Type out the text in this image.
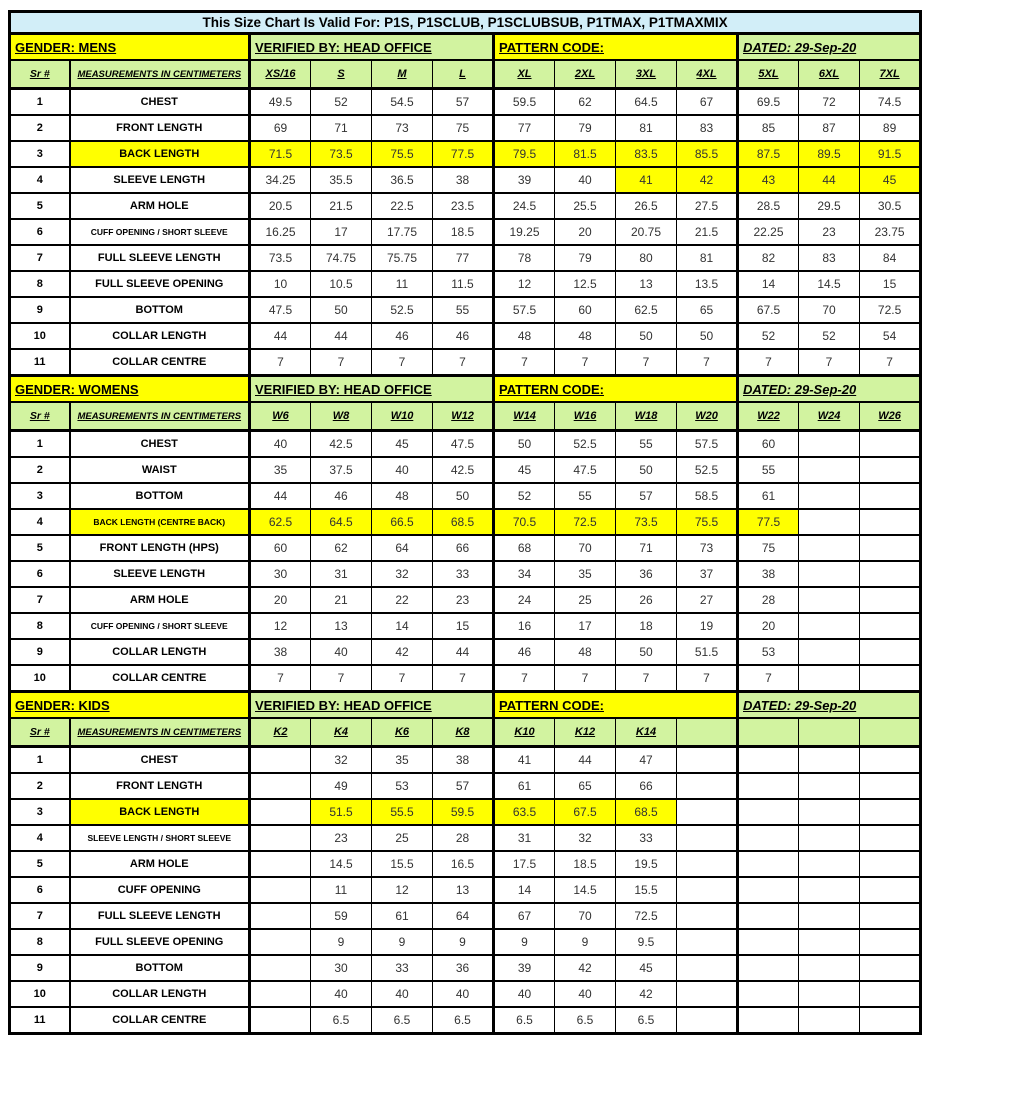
This Size Chart Is Valid For: P1S, P1SCLUB, P1SCLUBSUB, P1TMAX, P1TMAXMIX												
GENDER: MENS		VERIFIED BY: HEAD OFFICE				PATTERN CODE:				DATED: 29-Sep-20		
Sr #	MEASUREMENTS IN CENTIMETERS	XS/16	S	M	L	XL	2XL	3XL	4XL	5XL	6XL	7XL
1	CHEST	49.5	52	54.5	57	59.5	62	64.5	67	69.5	72	74.5
2	FRONT LENGTH	69	71	73	75	77	79	81	83	85	87	89
3	BACK LENGTH	71.5	73.5	75.5	77.5	79.5	81.5	83.5	85.5	87.5	89.5	91.5
4	SLEEVE LENGTH	34.25	35.5	36.5	38	39	40	41	42	43	44	45
5	ARM HOLE	20.5	21.5	22.5	23.5	24.5	25.5	26.5	27.5	28.5	29.5	30.5
6	CUFF OPENING / SHORT SLEEVE	16.25	17	17.75	18.5	19.25	20	20.75	21.5	22.25	23	23.75
7	FULL SLEEVE LENGTH	73.5	74.75	75.75	77	78	79	80	81	82	83	84
8	FULL SLEEVE OPENING	10	10.5	11	11.5	12	12.5	13	13.5	14	14.5	15
9	BOTTOM	47.5	50	52.5	55	57.5	60	62.5	65	67.5	70	72.5
10	COLLAR LENGTH	44	44	46	46	48	48	50	50	52	52	54
11	COLLAR CENTRE	7	7	7	7	7	7	7	7	7	7	7
GENDER: WOMENS		VERIFIED BY: HEAD OFFICE				PATTERN CODE:				DATED: 29-Sep-20		
Sr #	MEASUREMENTS IN CENTIMETERS	W6	W8	W10	W12	W14	W16	W18	W20	W22	W24	W26
1	CHEST	40	42.5	45	47.5	50	52.5	55	57.5	60		
2	WAIST	35	37.5	40	42.5	45	47.5	50	52.5	55		
3	BOTTOM	44	46	48	50	52	55	57	58.5	61		
4	BACK LENGTH (CENTRE BACK)	62.5	64.5	66.5	68.5	70.5	72.5	73.5	75.5	77.5		
5	FRONT LENGTH (HPS)	60	62	64	66	68	70	71	73	75		
6	SLEEVE LENGTH	30	31	32	33	34	35	36	37	38		
7	ARM HOLE	20	21	22	23	24	25	26	27	28		
8	CUFF OPENING / SHORT SLEEVE	12	13	14	15	16	17	18	19	20		
9	COLLAR LENGTH	38	40	42	44	46	48	50	51.5	53		
10	COLLAR CENTRE	7	7	7	7	7	7	7	7	7		
GENDER: KIDS		VERIFIED BY: HEAD OFFICE				PATTERN CODE:				DATED: 29-Sep-20		
Sr #	MEASUREMENTS IN CENTIMETERS	K2	K4	K6	K8	K10	K12	K14				
1	CHEST		32	35	38	41	44	47				
2	FRONT LENGTH		49	53	57	61	65	66				
3	BACK LENGTH		51.5	55.5	59.5	63.5	67.5	68.5				
4	SLEEVE LENGTH / SHORT SLEEVE		23	25	28	31	32	33				
5	ARM HOLE		14.5	15.5	16.5	17.5	18.5	19.5				
6	CUFF OPENING		11	12	13	14	14.5	15.5				
7	FULL SLEEVE LENGTH		59	61	64	67	70	72.5				
8	FULL SLEEVE OPENING		9	9	9	9	9	9.5				
9	BOTTOM		30	33	36	39	42	45				
10	COLLAR LENGTH		40	40	40	40	40	42				
11	COLLAR CENTRE		6.5	6.5	6.5	6.5	6.5	6.5				
